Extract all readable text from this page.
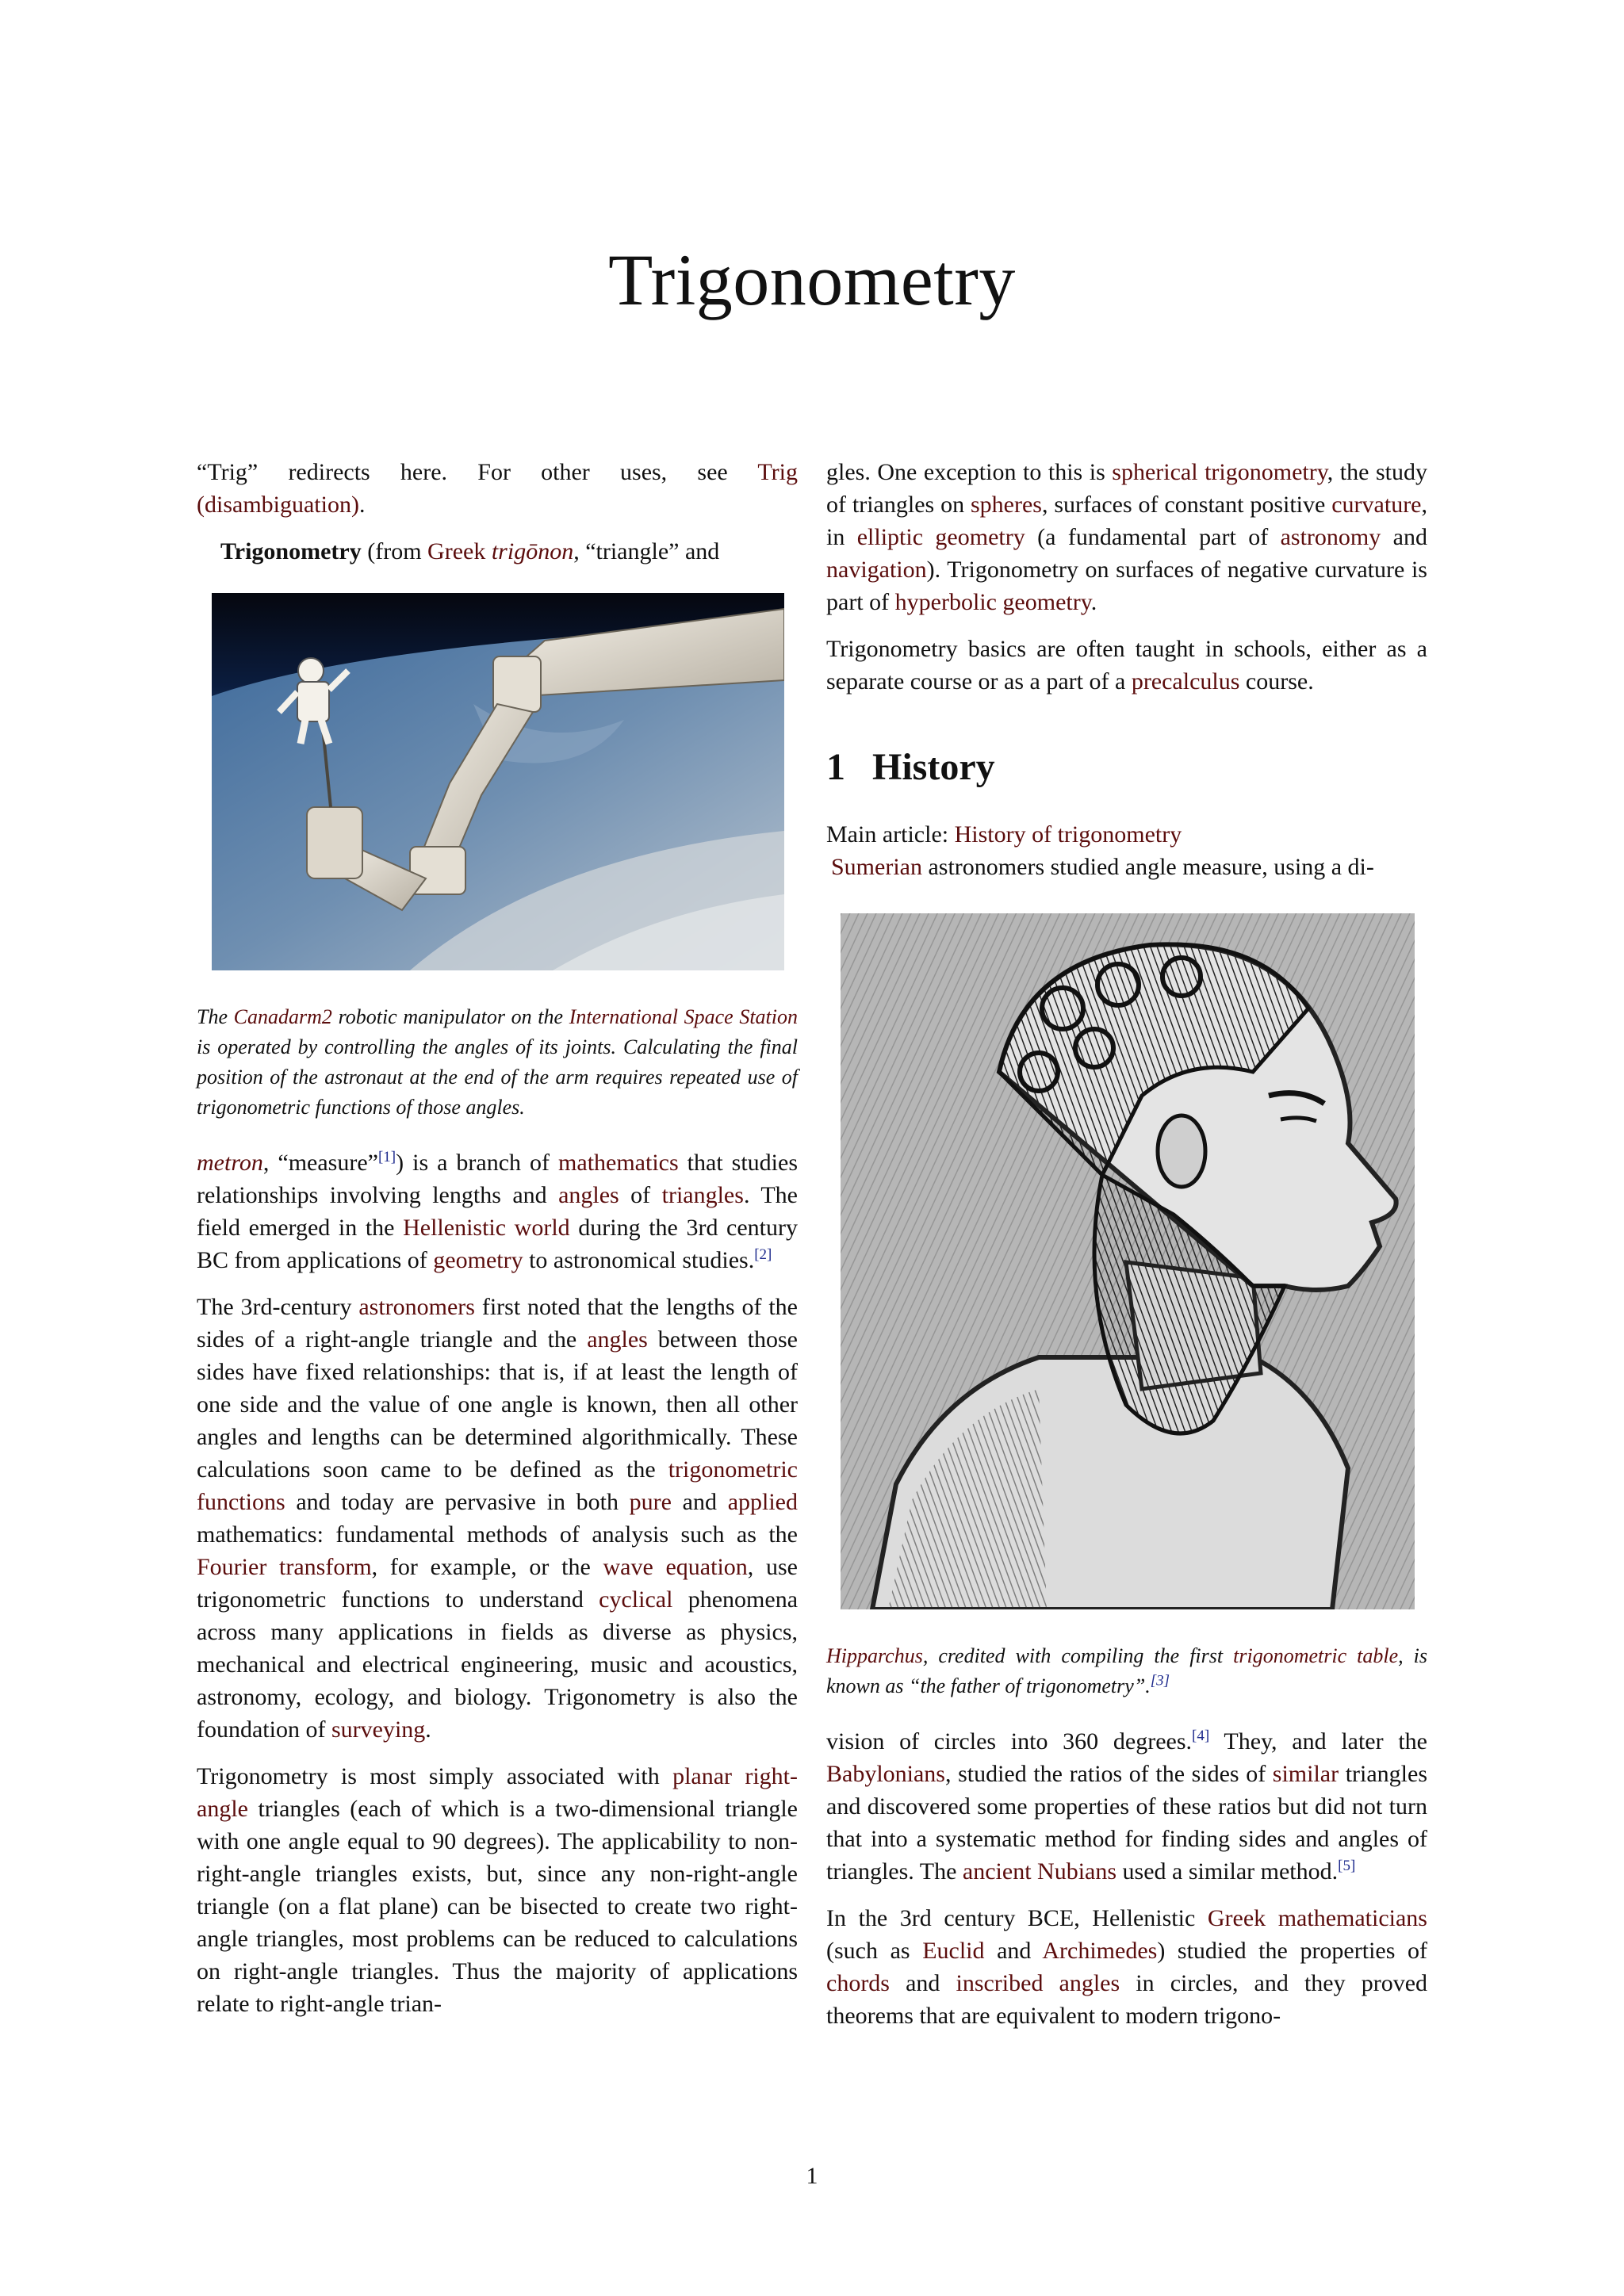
Trigonometry

“Trig” redirects here. For other uses, see Trig (disambiguation).

Trigonometry (from Greek trigōnon, “triangle” and

The Canadarm2 robotic manipulator on the International Space Station is operated by controlling the angles of its joints. Calculating the final position of the astronaut at the end of the arm requires repeated use of trigonometric functions of those angles.

metron, “measure”[1]) is a branch of mathematics that studies relationships involving lengths and angles of triangles. The field emerged in the Hellenistic world during the 3rd century BC from applications of geometry to astronomical studies.[2]

The 3rd-century astronomers first noted that the lengths of the sides of a right-angle triangle and the angles between those sides have fixed relationships: that is, if at least the length of one side and the value of one angle is known, then all other angles and lengths can be determined algorithmically. These calculations soon came to be defined as the trigonometric functions and today are pervasive in both pure and applied mathematics: fundamental methods of analysis such as the Fourier transform, for example, or the wave equation, use trigonometric functions to understand cyclical phenomena across many applications in fields as diverse as physics, mechanical and electrical engineering, music and acoustics, astronomy, ecology, and biology. Trigonometry is also the foundation of surveying.

Trigonometry is most simply associated with planar right-angle triangles (each of which is a two-dimensional triangle with one angle equal to 90 degrees). The applicability to non-right-angle triangles exists, but, since any non-right-angle triangle (on a flat plane) can be bisected to create two right-angle triangles, most problems can be reduced to calculations on right-angle triangles. Thus the majority of applications relate to right-angle trian-

gles. One exception to this is spherical trigonometry, the study of triangles on spheres, surfaces of constant positive curvature, in elliptic geometry (a fundamental part of astronomy and navigation). Trigonometry on surfaces of negative curvature is part of hyperbolic geometry.

Trigonometry basics are often taught in schools, either as a separate course or as a part of a precalculus course.

1 History

Main article: History of trigonometry

Sumerian astronomers studied angle measure, using a di-

Hipparchus, credited with compiling the first trigonometric table, is known as “the father of trigonometry”.[3]

vision of circles into 360 degrees.[4] They, and later the Babylonians, studied the ratios of the sides of similar triangles and discovered some properties of these ratios but did not turn that into a systematic method for finding sides and angles of triangles. The ancient Nubians used a similar method.[5]

In the 3rd century BCE, Hellenistic Greek mathematicians (such as Euclid and Archimedes) studied the properties of chords and inscribed angles in circles, and they proved theorems that are equivalent to modern trigono-

1
